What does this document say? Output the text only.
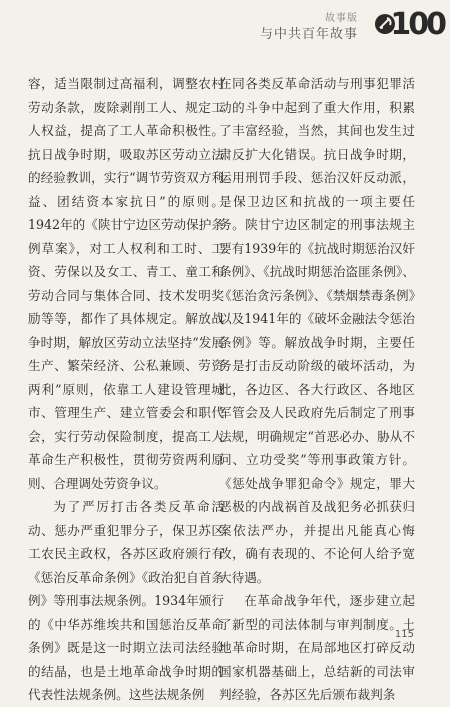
故事版
与中共百年故事 100

容，适当限制过高福利，调整农村劳动条款，废除剥削工人、规定工人权益，提高了工人革命积极性。抗日战争时期，吸取苏区劳动立法的经验教训，实行“调节劳资双方利益、团结资本家抗日”的原则。1942年的《陕甘宁边区劳动保护条例草案》，对工人权利和工时、工资、劳保以及女工、青工、童工和劳动合同与集体合同、技术发明奖励等等，都作了具体规定。解放战争时期，解放区劳动立法坚持“发展生产、繁荣经济、公私兼顾、劳资两利”原则，依靠工人建设管理城市、管理生产、建立管委会和职代会，实行劳动保险制度，提高工人革命生产积极性，贯彻劳资两利原则、合理调处劳资争议。

为了严厉打击各类反革命活动、惩办严重犯罪分子，保卫苏区工农民主政权，各苏区政府颁行有《惩治反革命条例》《政治犯自首条例》等刑事法规条例。1934年颁行的《中华苏维埃共和国惩治反革命条例》既是这一时期立法司法经验的结晶，也是土地革命战争时期的代表性法规条例。这些法规条例

在同各类反革命活动与刑事犯罪活动的斗争中起到了重大作用，积累了丰富经验，当然，其间也发生过肃反扩大化错误。抗日战争时期，运用刑罚手段、惩治汉奸反动派，是保卫边区和抗战的一项主要任务。陕甘宁边区制定的刑事法规主要有1939年的《抗战时期惩治汉奸条例》、《抗战时期惩治盗匪条例》、《惩治贪污条例》、《禁烟禁毒条例》以及1941年的《破坏金融法令惩治条例》等。解放战争时期，主要任务是打击反动阶级的破坏活动，为此，各边区、各大行政区、各地区军管会及人民政府先后制定了刑事法规，明确规定“首恶必办、胁从不问、立功受奖”等刑事政策方针。《惩处战争罪犯命令》规定，罪大恶极的内战祸首及战犯务必抓获归案依法严办，并提出凡能真心悔改，确有表现的、不论何人给予宽大待遇。

在革命战争年代，逐步建立起了新型的司法体制与审判制度。土地革命时期，在局部地区打碎反动国家机器基础上，总结新的司法审判经验，各苏区先后颁布裁判条

115
